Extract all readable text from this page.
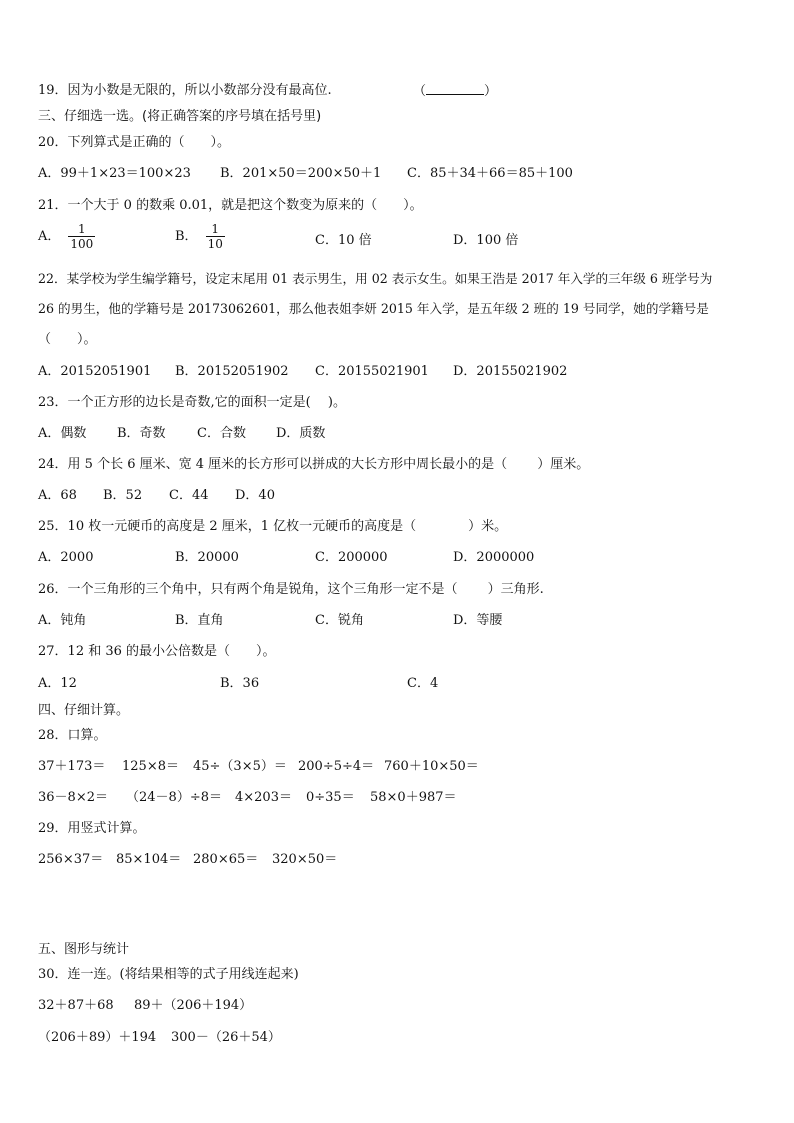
19．因为小数是无限的，所以小数部分没有最高位.	（	）
三、仔细选一选。(将正确答案的序号填在括号里)
20．下列算式是正确的（　　）。
A．99＋1×23＝100×23 B．201×50＝200×50＋1 C．85＋34＋66＝85＋100
21．一个大于 0 的数乘 0.01，就是把这个数变为原来的（　　）。
A． $\frac{1}{100}$	B． $\frac{1}{10}$	C．10 倍	D．100 倍
22．某学校为学生编学籍号，设定末尾用 01 表示男生，用 02 表示女生。如果王浩是 2017 年入学的三年级 6 班学号为
26 的男生，他的学籍号是 20173062601，那么他表姐李妍 2015 年入学，是五年级 2 班的 19 号同学，她的学籍号是
（　　）。
A．20152051901 B．20152051902 C．20155021901 D．20155021902
23．一个正方形的边长是奇数,它的面积一定是(　 )。
A．偶数 B．奇数 C．合数 D．质数
24．用 5 个长 6 厘米、宽 4 厘米的长方形可以拼成的大长方形中周长最小的是（　　 ）厘米。
A．68 B．52 C．44 D．40
25．10 枚一元硬币的高度是 2 厘米，1 亿枚一元硬币的高度是（　　　　）米。
A．2000	B．20000	C．200000	D．2000000
26．一个三角形的三个角中，只有两个角是锐角，这个三角形一定不是（　　 ）三角形.
A．钝角	B．直角	C．锐角	D．等腰
27．12 和 36 的最小公倍数是（　　）。
A．12	B．36	C．4
四、仔细计算。
28．口算。
37＋173＝ 125×8＝ 45÷（3×5）＝ 200÷5÷4＝ 760＋10×50＝
36－8×2＝ （24－8）÷8＝ 4×203＝ 0÷35＝ 58×0＋987＝
29．用竖式计算。
256×37＝ 85×104＝ 280×65＝ 320×50＝
五、图形与统计
30．连一连。(将结果相等的式子用线连起来)
32＋87＋68 89＋（206＋194）
（206＋89）＋194 300－（26＋54）
